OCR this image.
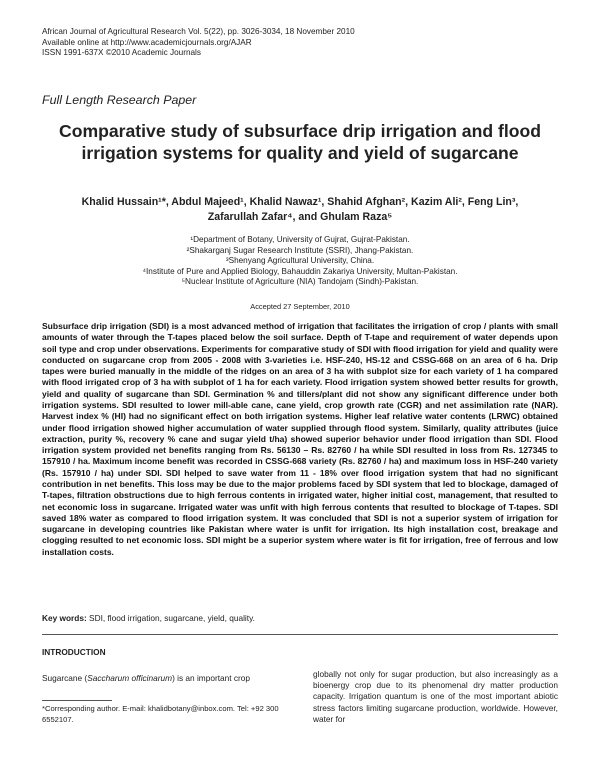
African Journal of Agricultural Research Vol. 5(22), pp. 3026-3034, 18 November 2010
Available online at http://www.academicjournals.org/AJAR
ISSN 1991-637X ©2010 Academic Journals
Full Length Research Paper
Comparative study of subsurface drip irrigation and flood irrigation systems for quality and yield of sugarcane
Khalid Hussain¹*, Abdul Majeed¹, Khalid Nawaz¹, Shahid Afghan², Kazim Ali², Feng Lin³,
Zafarullah Zafar⁴, and Ghulam Raza⁵
¹Department of Botany, University of Gujrat, Gujrat-Pakistan.
²Shakarganj Sugar Research Institute (SSRI), Jhang-Pakistan.
³Shenyang Agricultural University, China.
⁴Institute of Pure and Applied Biology, Bahauddin Zakariya University, Multan-Pakistan.
⁵Nuclear Institute of Agriculture (NIA) Tandojam (Sindh)-Pakistan.
Accepted 27 September, 2010
Subsurface drip irrigation (SDI) is a most advanced method of irrigation that facilitates the irrigation of crop / plants with small amounts of water through the T-tapes placed below the soil surface. Depth of T-tape and requirement of water depends upon soil type and crop under observations. Experiments for comparative study of SDI with flood irrigation for yield and quality were conducted on sugarcane crop from 2005 - 2008 with 3-varieties i.e. HSF-240, HS-12 and CSSG-668 on an area of 6 ha. Drip tapes were buried manually in the middle of the ridges on an area of 3 ha with subplot size for each variety of 1 ha compared with flood irrigated crop of 3 ha with subplot of 1 ha for each variety. Flood irrigation system showed better results for growth, yield and quality of sugarcane than SDI. Germination % and tillers/plant did not show any significant difference under both irrigation systems. SDI resulted to lower mill-able cane, cane yield, crop growth rate (CGR) and net assimilation rate (NAR). Harvest index % (HI) had no significant effect on both irrigation systems. Higher leaf relative water contents (LRWC) obtained under flood irrigation showed higher accumulation of water supplied through flood system. Similarly, quality attributes (juice extraction, purity %, recovery % cane and sugar yield t/ha) showed superior behavior under flood irrigation than SDI. Flood irrigation system provided net benefits ranging from Rs. 56130 – Rs. 82760 / ha while SDI resulted in loss from Rs. 127345 to 157910 / ha. Maximum income benefit was recorded in CSSG-668 variety (Rs. 82760 / ha) and maximum loss in HSF-240 variety (Rs. 157910 / ha) under SDI. SDI helped to save water from 11 - 18% over flood irrigation system that had no significant contribution in net benefits. This loss may be due to the major problems faced by SDI system that led to blockage, damaged of T-tapes, filtration obstructions due to high ferrous contents in irrigated water, higher initial cost, management, that resulted to net economic loss in sugarcane. Irrigated water was unfit with high ferrous contents that resulted to blockage of T-tapes. SDI saved 18% water as compared to flood irrigation system. It was concluded that SDI is not a superior system of irrigation for sugarcane in developing countries like Pakistan where water is unfit for irrigation. Its high installation cost, breakage and clogging resulted to net economic loss. SDI might be a superior system where water is fit for irrigation, free of ferrous and low installation costs.
Key words: SDI, flood irrigation, sugarcane, yield, quality.
INTRODUCTION
Sugarcane (Saccharum officinarum) is an important crop	globally not only for sugar production, but also increasingly as a bioenergy crop due to its phenomenal dry matter production capacity. Irrigation quantum is one of the most important abiotic stress factors limiting sugarcane production, worldwide. However, water for
*Corresponding author. E-mail: khalidbotany@inbox.com. Tel: +92 300 6552107.
